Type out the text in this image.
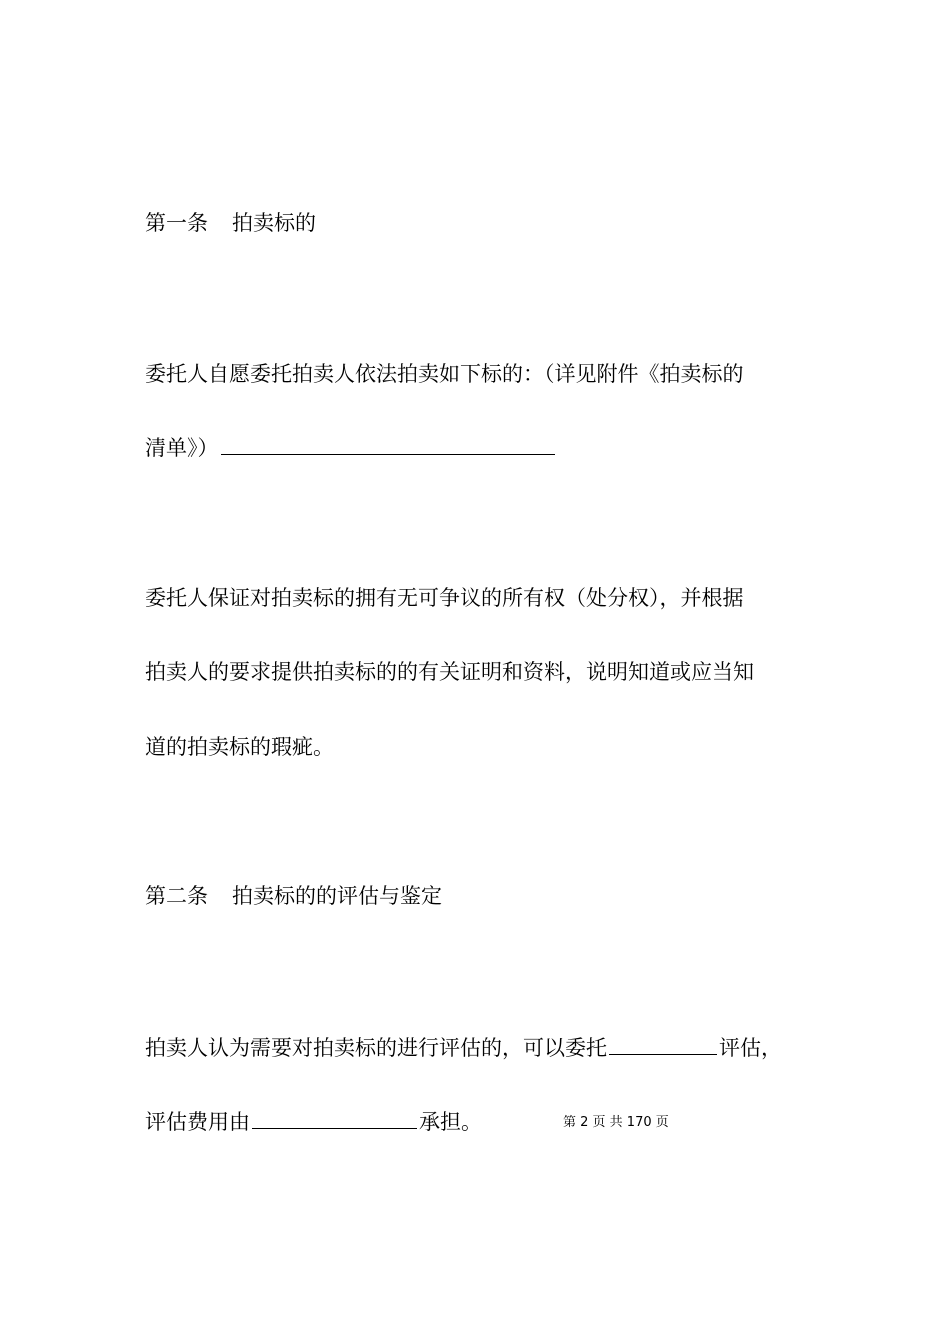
第一条 拍卖标的
委托人自愿委托拍卖人依法拍卖如下标的：（详见附件《拍卖标的
清单》）
委托人保证对拍卖标的拥有无可争议的所有权（处分权），并根据
拍卖人的要求提供拍卖标的的有关证明和资料，说明知道或应当知
道的拍卖标的瑕疵。
第二条 拍卖标的的评估与鉴定
拍卖人认为需要对拍卖标的进行评估的，可以委托	评估，
评估费用由	承担。	第 2 页 共 170 页
